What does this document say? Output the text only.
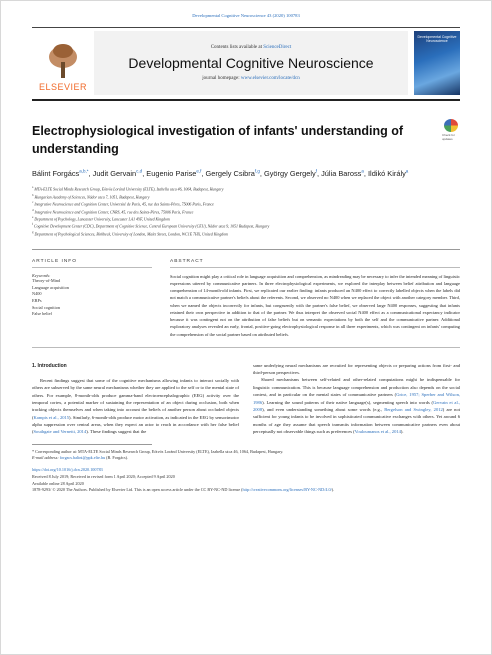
Developmental Cognitive Neuroscience 43 (2020) 100783
ELSEVIER
Contents lists available at ScienceDirect
Developmental Cognitive Neuroscience
journal homepage: www.elsevier.com/locate/dcn
Developmental Cognitive Neuroscience
Electrophysiological investigation of infants' understanding of understanding
Check for updates
Bálint Forgács$^{a,b,*}$, Judit Gervain$^{c,d}$, Eugenio Parise$^{e,f}$, Gergely Csibra$^{f,g}$, György Gergely$^f$, Júlia Baross$^a$, Ildikó Király$^a$
$^a$ MTA-ELTE Social Minds Research Group, Eötvös Loránd University (ELTE), Izabella utca 46, 1064, Budapest, Hungary
$^b$ Hungarian Academy of Sciences, Nádor utca 7, 1051, Budapest, Hungary
$^c$ Integrative Neuroscience and Cognition Center, Université de Paris, 45, rue des Saints-Pères, 75006 Paris, France
$^d$ Integrative Neuroscience and Cognition Center, CNRS, 45, rue des Saints-Pères, 75006 Paris, France
$^e$ Department of Psychology, Lancaster University, Lancaster LA1 4YF, United Kingdom
$^f$ Cognitive Development Center (CDC), Department of Cognitive Science, Central European University (CEU), Nádor utca 9, 1051 Budapest, Hungary
$^g$ Department of Psychological Sciences, Birkbeck, University of London, Malet Street, London, WC1E 7HX, United Kingdom
ARTICLE INFO
Keywords:
Theory-of-Mind
Language acquisition
N400
ERPs
Social cognition
False belief
ABSTRACT
Social cognition might play a critical role in language acquisition and comprehension, as mindreading may be necessary to infer the intended meaning of linguistic expressions uttered by communicative partners. In three electrophysiological experiments, we explored the interplay between belief attribution and language comprehension of 14-month-old infants. First, we replicated our earlier finding: infants produced an N400 effect to correctly labelled objects when the labels did not match a communicative partner's beliefs about the referents. Second, we observed no N400 when we replaced the object with another category member. Third, when we named the objects incorrectly for infants, but congruently with the partner's false belief, we observed large N400 responses, suggesting that infants retained their own perspective in addition to that of the partner. We thus interpret the observed social N400 effect as a communicational expectancy indicator because it was contingent not on the attribution of false beliefs but on semantic expectations by both the self and the communicative partner. Additional exploratory analyses revealed an early, frontal, positive-going electrophysiological response in all three experiments, which was contingent on infants' computing the comprehension of the social partner based on attributed beliefs.
1. Introduction
Recent findings suggest that some of the cognitive mechanisms allowing infants to interact socially with others are subserved by the same neural mechanisms whether they are applied to the self or to the mental state of others. For example, 8-month-olds produce gamma-band electroencephalographic (EEG) activity over the temporal cortex, a potential marker of sustaining the representation of an object during occlusion, both when tracking objects themselves and when taking into account the beliefs of another person about occluded objects (Kampis et al., 2015). Similarly, 6-month-olds produce motor activation, as indicated in the EEG by sensorimotor alpha suppression over central areas, when they expect an actor to reach in accordance with her false belief (Southgate and Vernetti, 2014). These findings suggest that the
same underlying neural mechanisms are recruited for representing objects or preparing actions from first- and third-person perspectives.
Shared mechanisms between self-related and other-related computations might be indispensable for linguistic communication. This is because language comprehension and production also depends on the social context, and in particular on the mental states of communicative partners (Grice, 1957; Sperber and Wilson, 1986). Learning the sound patterns of their native language(s), segmenting speech into words (Gervain et al., 2008), and even understanding something about some words (e.g., Bergelson and Swingley, 2012) are not sufficient for young infants to be involved in sophisticated communicative exchanges with others. Yet around 6 months of age they assume that speech transmits information between communicative partners even about perceptually not observable things such as preferences (Vouloumanos et al., 2014).
* Corresponding author at: MTA-ELTE Social Minds Research Group, Eötvös Loránd University (ELTE), Izabella utca 46, 1064, Budapest, Hungary.
E-mail address: forgacs.balint@ppk.elte.hu (B. Forgács).
https://doi.org/10.1016/j.dcn.2020.100783
Received 8 July 2019; Received in revised form 1 April 2020; Accepted 9 April 2020
Available online 28 April 2020
1878-9293/ © 2020 The Authors. Published by Elsevier Ltd. This is an open access article under the CC BY-NC-ND license (http://creativecommons.org/licenses/BY-NC-ND/4.0/).
